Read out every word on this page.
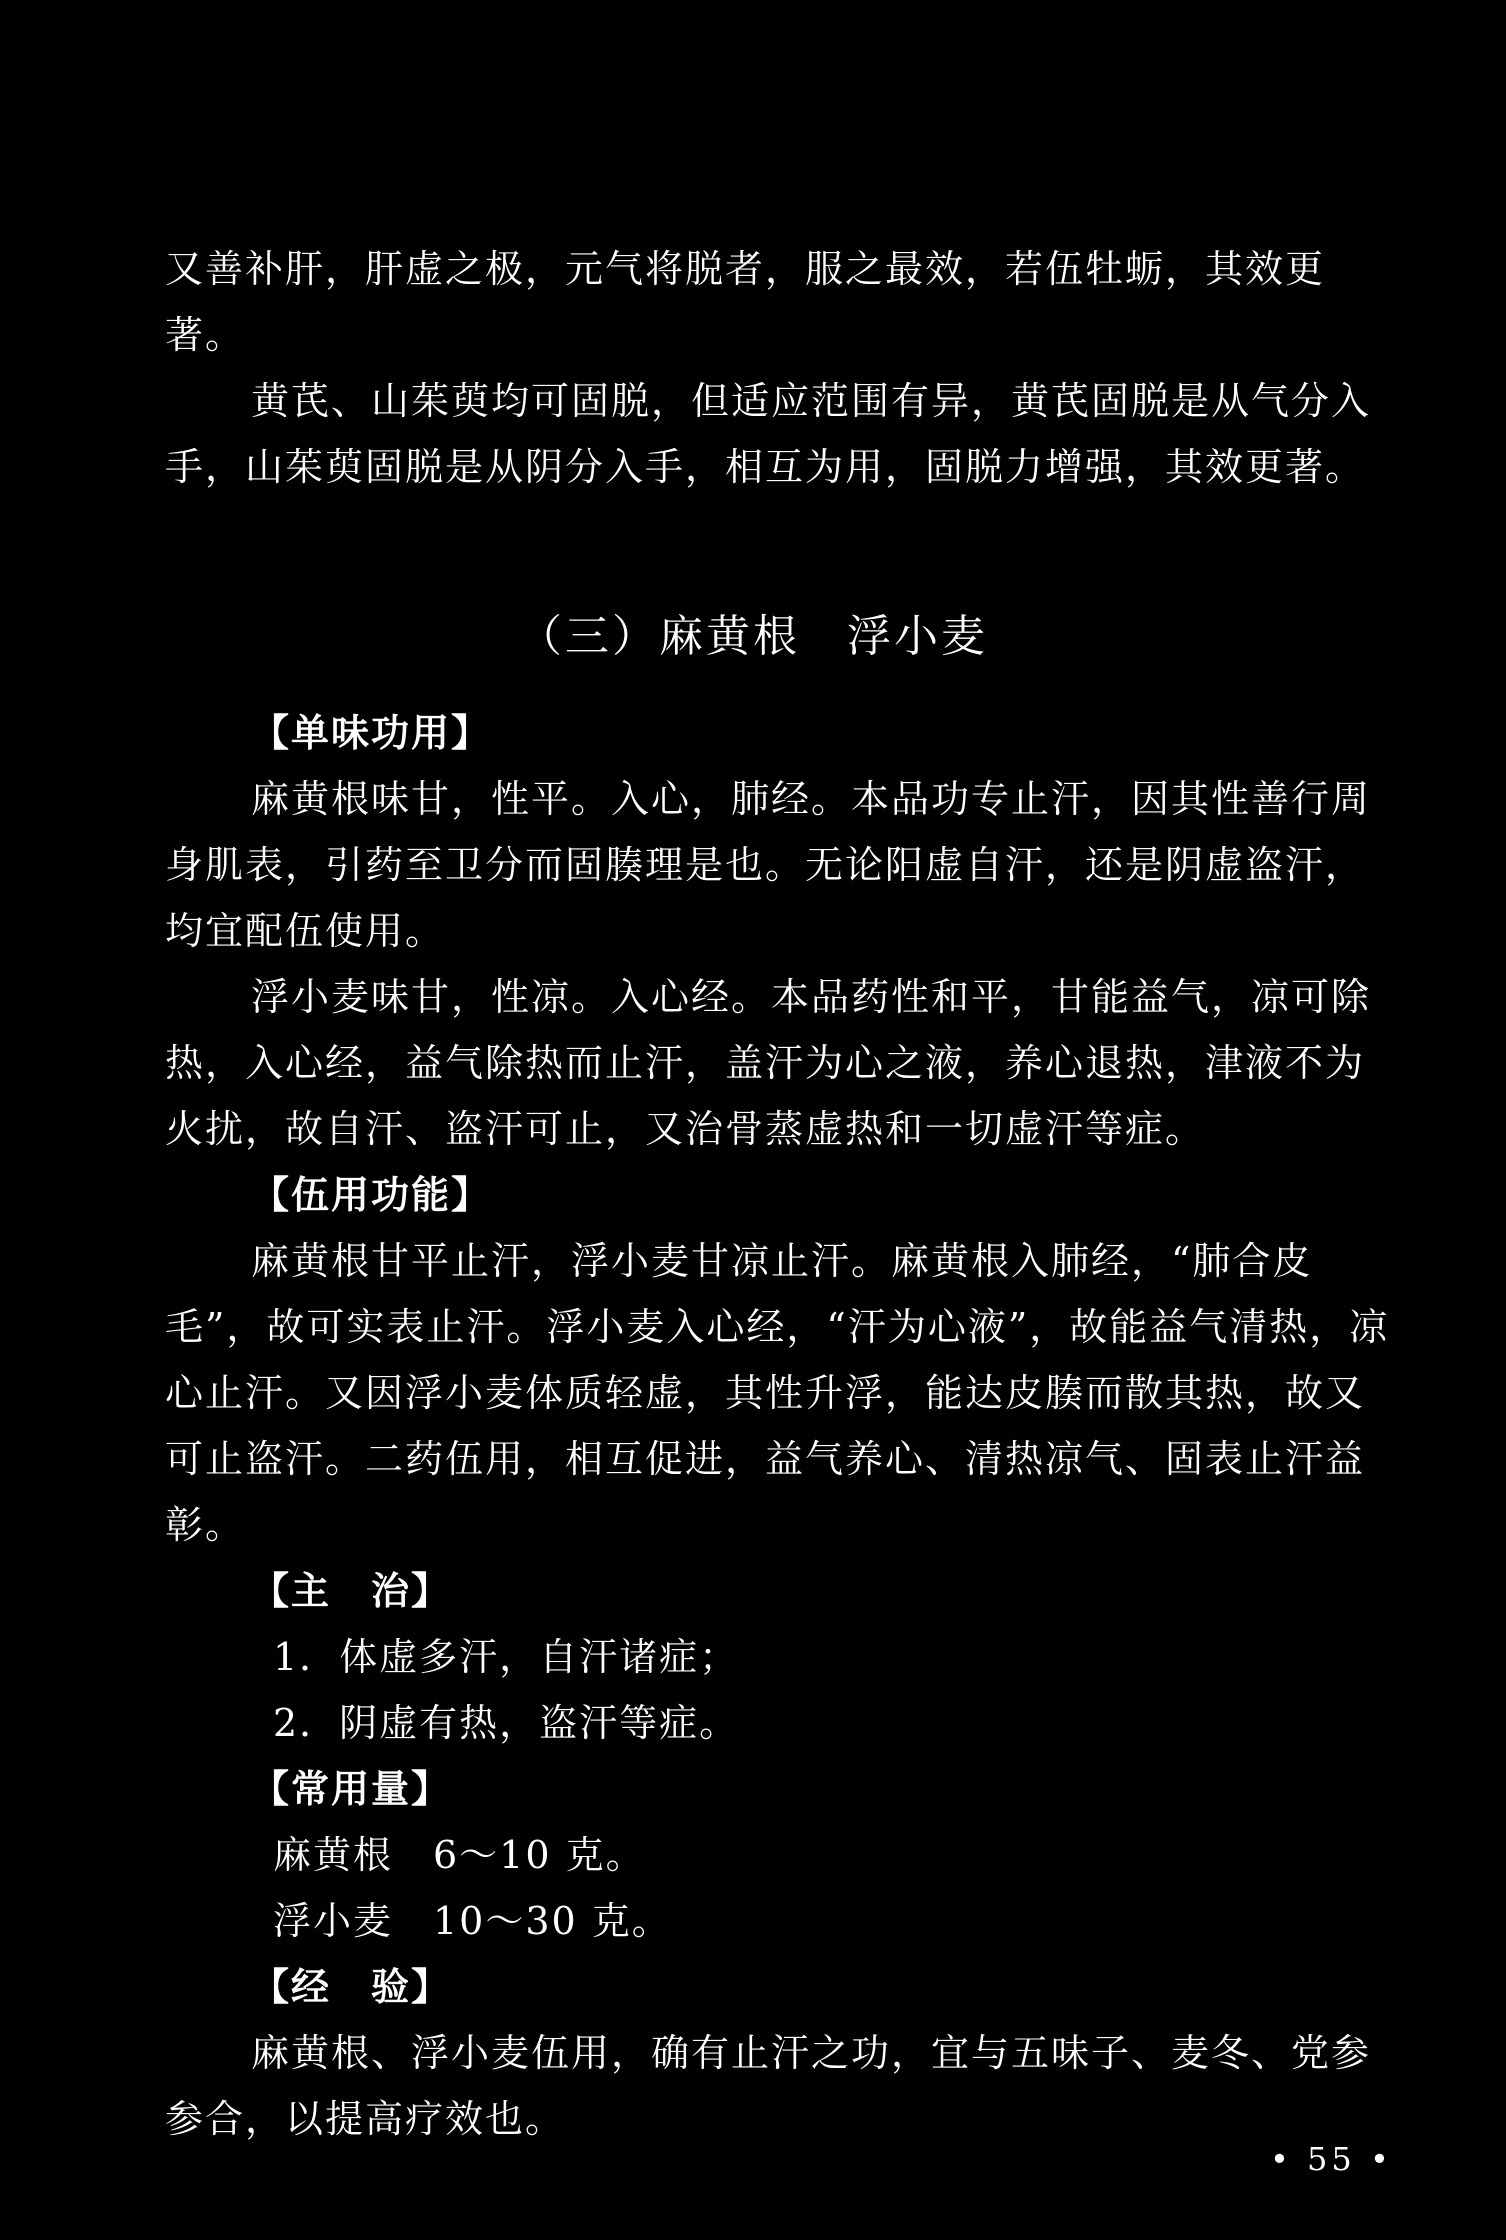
又善补肝，肝虚之极，元气将脱者，服之最效，若伍牡蛎，其效更著。

黄芪、山茱萸均可固脱，但适应范围有异，黄芪固脱是从气分入手，山茱萸固脱是从阴分入手，相互为用，固脱力增强，其效更著。

（三）麻黄根　浮小麦
【单味功用】

麻黄根味甘，性平。入心，肺经。本品功专止汗，因其性善行周身肌表，引药至卫分而固腠理是也。无论阳虚自汗，还是阴虚盗汗，均宜配伍使用。

浮小麦味甘，性凉。入心经。本品药性和平，甘能益气，凉可除热，入心经，益气除热而止汗，盖汗为心之液，养心退热，津液不为火扰，故自汗、盗汗可止，又治骨蒸虚热和一切虚汗等症。

【伍用功能】

麻黄根甘平止汗，浮小麦甘凉止汗。麻黄根入肺经，“肺合皮毛”，故可实表止汗。浮小麦入心经，“汗为心液”，故能益气清热，凉心止汗。又因浮小麦体质轻虚，其性升浮，能达皮腠而散其热，故又可止盗汗。二药伍用，相互促进，益气养心、清热凉气、固表止汗益彰。

【主　治】

1．体虚多汗，自汗诸症；

2．阴虚有热，盗汗等症。

【常用量】

麻黄根　6～10 克。

浮小麦　10～30 克。

【经　验】

麻黄根、浮小麦伍用，确有止汗之功，宜与五味子、麦冬、党参参合，以提高疗效也。

• 55 •
